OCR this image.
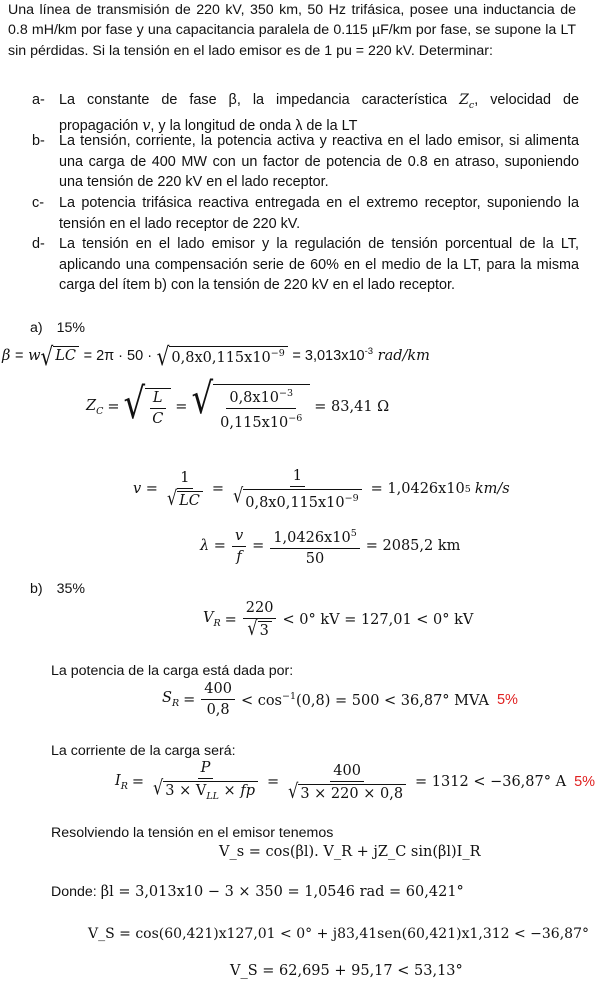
Una línea de transmisión de 220 kV, 350 km, 50 Hz trifásica, posee una inductancia de 0.8 mH/km por fase y una capacitancia paralela de 0.115 µF/km por fase, se supone la LT sin pérdidas. Si la tensión en el lado emisor es de 1 pu = 220 kV. Determinar:
a- La constante de fase β, la impedancia característica $Z_c$, velocidad de propagación v, y la longitud de onda λ de la LT
b- La tensión, corriente, la potencia activa y reactiva en el lado emisor, si alimenta una carga de 400 MW con un factor de potencia de 0.8 en atraso, suponiendo una tensión de 220 kV en el lado receptor.
c-	La potencia trifásica reactiva entregada en el extremo receptor, suponiendo la tensión en el lado receptor de 220 kV.
d- La tensión en el lado emisor y la regulación de tensión porcentual de la LT, aplicando una compensación serie de 60% en el medio de la LT, para la misma carga del ítem b) con la tensión de 220 kV en el lado receptor.
a) 15%
β = w √ LC = 2π · 50 · √ $0,8x0,115x10^{-9} = 3,013x10^{-3}$ rad/km
$Z_C$ = √ $\frac{L}{C}$ = √ $\frac{0,8x10^{-3}}{0,115x10^{-6}} = 83,41$ Ω
$v = \frac{1}{√ LC} = \frac{1}{√ 0,8x0,115x10^{-9}} = 1,0426x10$ 5 km/s
$\lambda = \frac{v}{f} = \frac{1,0426x10^5}{50} = 2085,2$ km
b) 35%
$V_R = \frac{220}{√ 3} < 0^\circ$ kV = 127,01 < 0° kV
La potencia de la carga está dada por:
$S_R = \frac{400}{0,8} < \cos^{-1}(0,8) = 500 < 36,87^\circ$ MVA 5%
La corriente de la carga será:
$I_R = \frac{P}{√ 3 \times V_{LL} \times fp} = \frac{400}{√ 3 \times 220 \times 0,8} = 1312 < -36,87^\circ$ A 5%
Resolviendo la tensión en el emisor tenemos
V_s = cos(βl). V_R + jZ_C sin(βl)I_R
Donde: βl = 3,013x10 − 3 × 350 = 1,0546 rad = 60,421°
V_S = cos(60,421)x127,01 < 0° + j83,41sen(60,421)x1,312 < −36,87°
V_S = 62,695 + 95,17 < 53,13°
